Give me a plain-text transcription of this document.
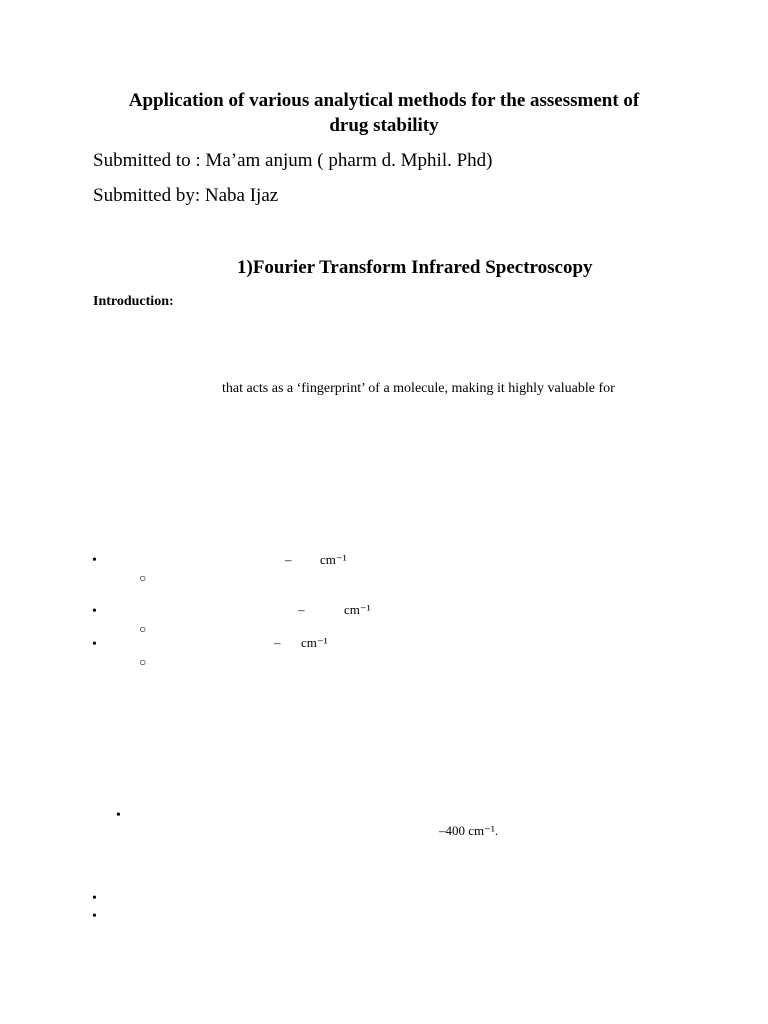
Application of various analytical methods for the assessment of
drug stability
Submitted to : Ma’am anjum ( pharm d. Mphil. Phd)
Submitted by: Naba Ijaz
1)Fourier Transform Infrared Spectroscopy
Introduction:
that acts as a ‘fingerprint’ of a molecule, making it highly valuable for
•	– cm⁻¹
○
•	–	cm⁻¹
○
•	– cm⁻¹
○
•
–400 cm⁻¹.
•
•
